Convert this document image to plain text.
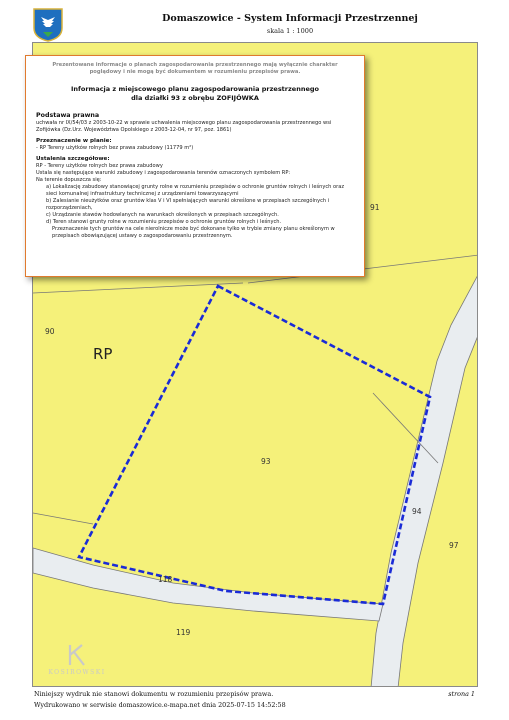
Domaszowice - System Informacji Przestrzennej
skala 1 : 1000
91
90
RP
93
94
97
118
119
Prezentowane informacje o planach zagospodarowania przestrzennego mają wyłącznie charakter poglądowy i nie mogą być dokumentem w rozumieniu przepisów prawa.
Informacja z miejscowego planu zagospodarowania przestrzennego
dla działki 93 z obrębu ZOFIJÓWKA
Podstawa prawna
uchwała nr IX/54/03 z 2003-10-22 w sprawie uchwalenia miejscowego planu zagospodarowania przestrzennego wsi Zofijówka (Dz.Urz. Województwa Opolskiego z 2003-12-04, nr 97, poz. 1861)
Przeznaczenie w planie:
- RP Tereny użytków rolnych bez prawa zabudowy (11779 m²)
Ustalenia szczegółowe:
RP - Tereny użytków rolnych bez prawa zabudowy
Ustala się następujące warunki zabudowy i zagospodarowania terenów oznaczonych symbolem RP:
Na terenie dopuszcza się:
a) Lokalizację zabudowy stanowiącej grunty rolne w rozumieniu przepisów o ochronie gruntów rolnych i leśnych oraz sieci komunalnej infrastruktury technicznej z urządzeniami towarzyszącymi
b) Zalesianie nieużytków oraz gruntów klas V i VI spełniających warunki określone w przepisach szczególnych i rozporządzeniach,
c) Urządzanie stawów hodowlanych na warunkach określonych w przepisach szczególnych.
d) Teren stanowi grunty rolne w rozumieniu przepisów o ochronie gruntów rolnych i leśnych.
Przeznaczenie tych gruntów na cele nierolnicze może być dokonane tylko w trybie zmiany planu określonym w przepisach obowiązującej ustawy o zagospodarowaniu przestrzennym.
KOSIROWSKI
Niniejszy wydruk nie stanowi dokumentu w rozumieniu przepisów prawa.
Wydrukowano w serwisie domaszowice.e-mapa.net dnia 2025-07-15 14:52:58
strona 1
